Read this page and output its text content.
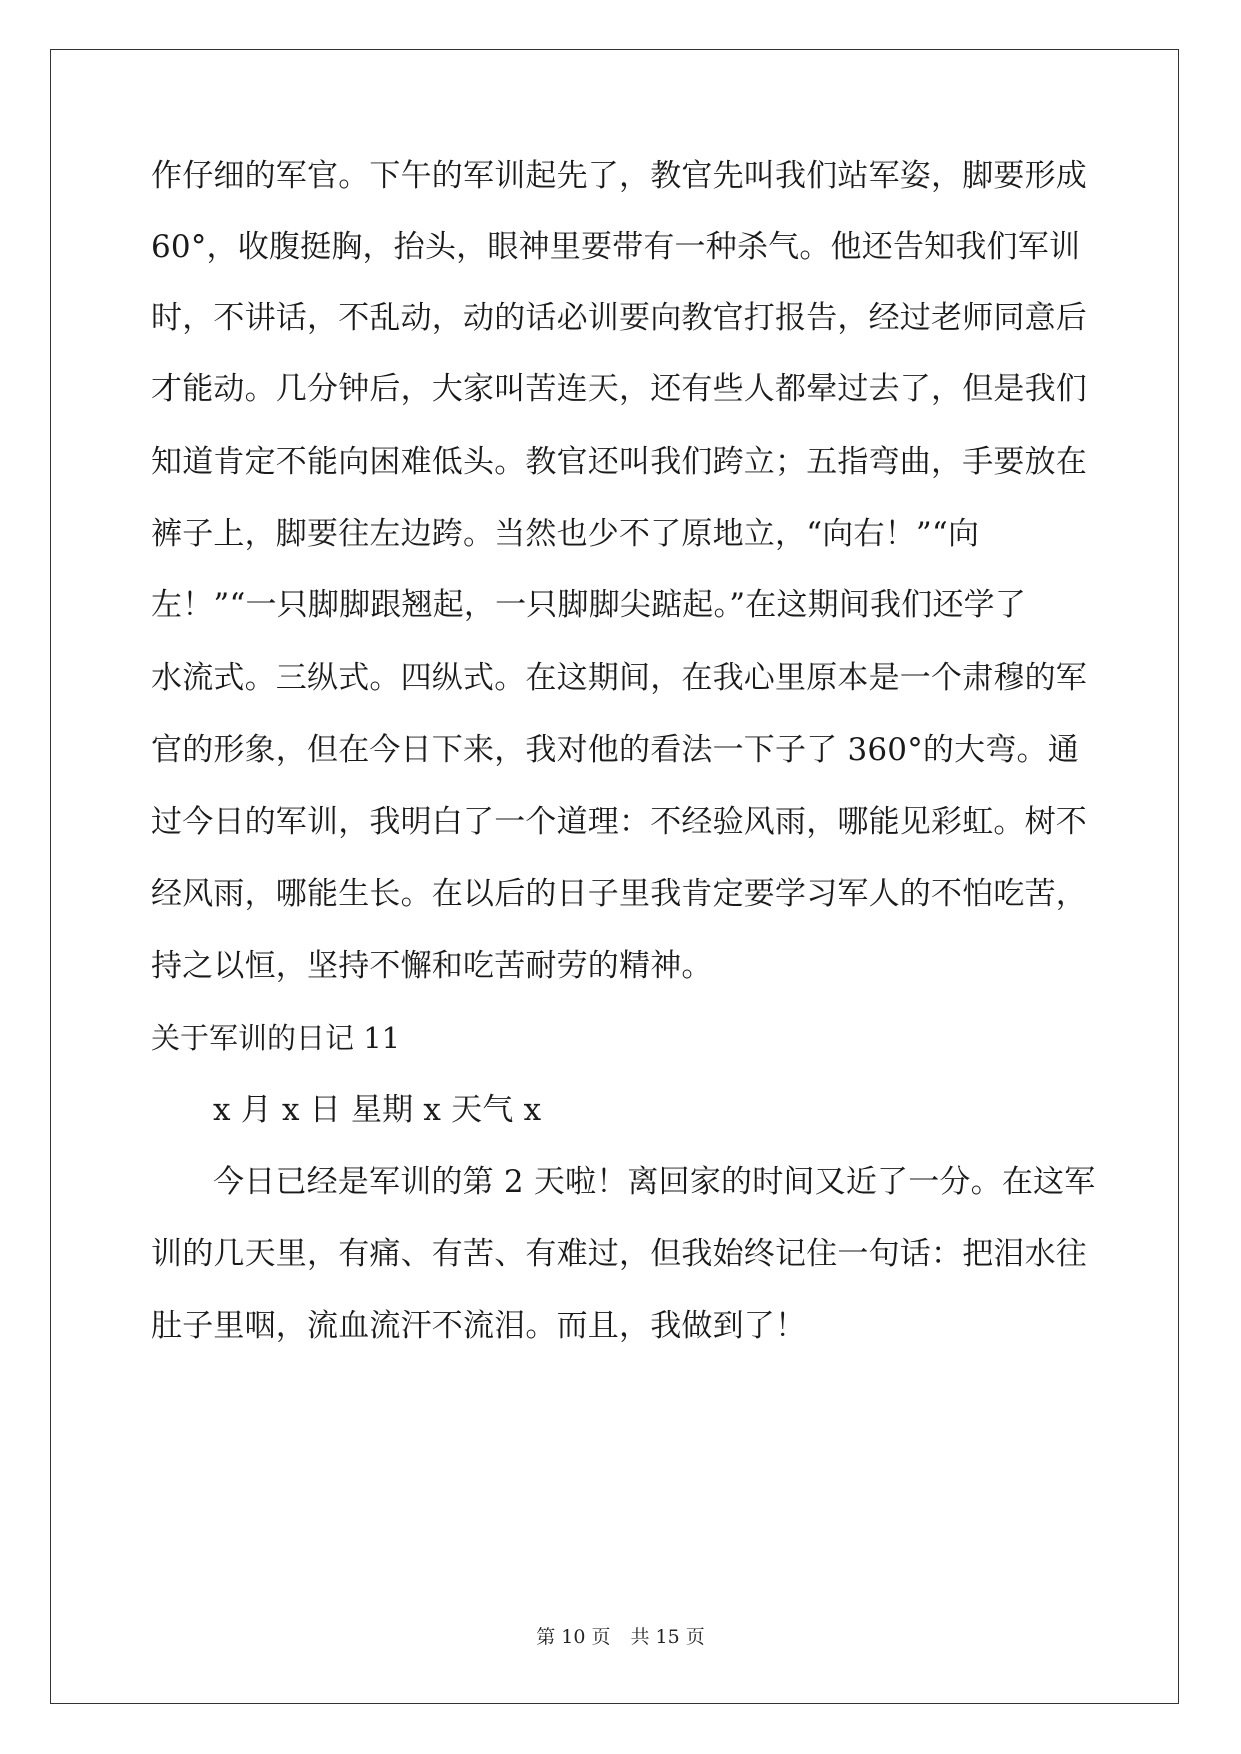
作仔细的军官。下午的军训起先了，教官先叫我们站军姿，脚要形成
60°，收腹挺胸，抬头，眼神里要带有一种杀气。他还告知我们军训
时，不讲话，不乱动，动的话必训要向教官打报告，经过老师同意后
才能动。几分钟后，大家叫苦连天，还有些人都晕过去了，但是我们
知道肯定不能向困难低头。教官还叫我们跨立；五指弯曲，手要放在
裤子上，脚要往左边跨。当然也少不了原地立，“向右！”“向
左！”“一只脚脚跟翘起，一只脚脚尖踮起。”在这期间我们还学了
水流式。三纵式。四纵式。在这期间，在我心里原本是一个肃穆的军
官的形象，但在今日下来，我对他的看法一下子了 360°的大弯。通
过今日的军训，我明白了一个道理：不经验风雨，哪能见彩虹。树不
经风雨，哪能生长。在以后的日子里我肯定要学习军人的不怕吃苦，
持之以恒，坚持不懈和吃苦耐劳的精神。
关于军训的日记 11
x 月 x 日 星期 x 天气 x
今日已经是军训的第 2 天啦！离回家的时间又近了一分。在这军
训的几天里，有痛、有苦、有难过，但我始终记住一句话：把泪水往
肚子里咽，流血流汗不流泪。而且，我做到了！
第 10 页 共 15 页
